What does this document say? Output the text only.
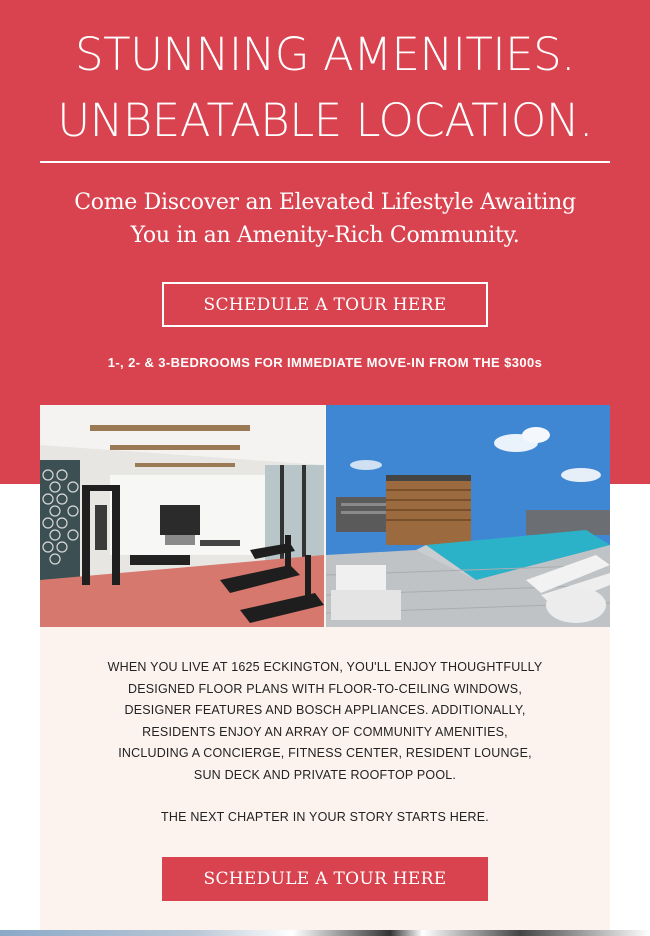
STUNNING AMENITIES.
UNBEATABLE LOCATION.
Come Discover an Elevated Lifestyle Awaiting
You in an Amenity-Rich Community.
SCHEDULE A TOUR HERE
1-, 2- & 3-BEDROOMS FOR IMMEDIATE MOVE-IN FROM THE $300s
WHEN YOU LIVE AT 1625 ECKINGTON, YOU'LL ENJOY THOUGHTFULLY
DESIGNED FLOOR PLANS WITH FLOOR-TO-CEILING WINDOWS,
DESIGNER FEATURES AND BOSCH APPLIANCES. ADDITIONALLY,
RESIDENTS ENJOY AN ARRAY OF COMMUNITY AMENITIES,
INCLUDING A CONCIERGE, FITNESS CENTER, RESIDENT LOUNGE,
SUN DECK AND PRIVATE ROOFTOP POOL.
THE NEXT CHAPTER IN YOUR STORY STARTS HERE.
SCHEDULE A TOUR HERE
